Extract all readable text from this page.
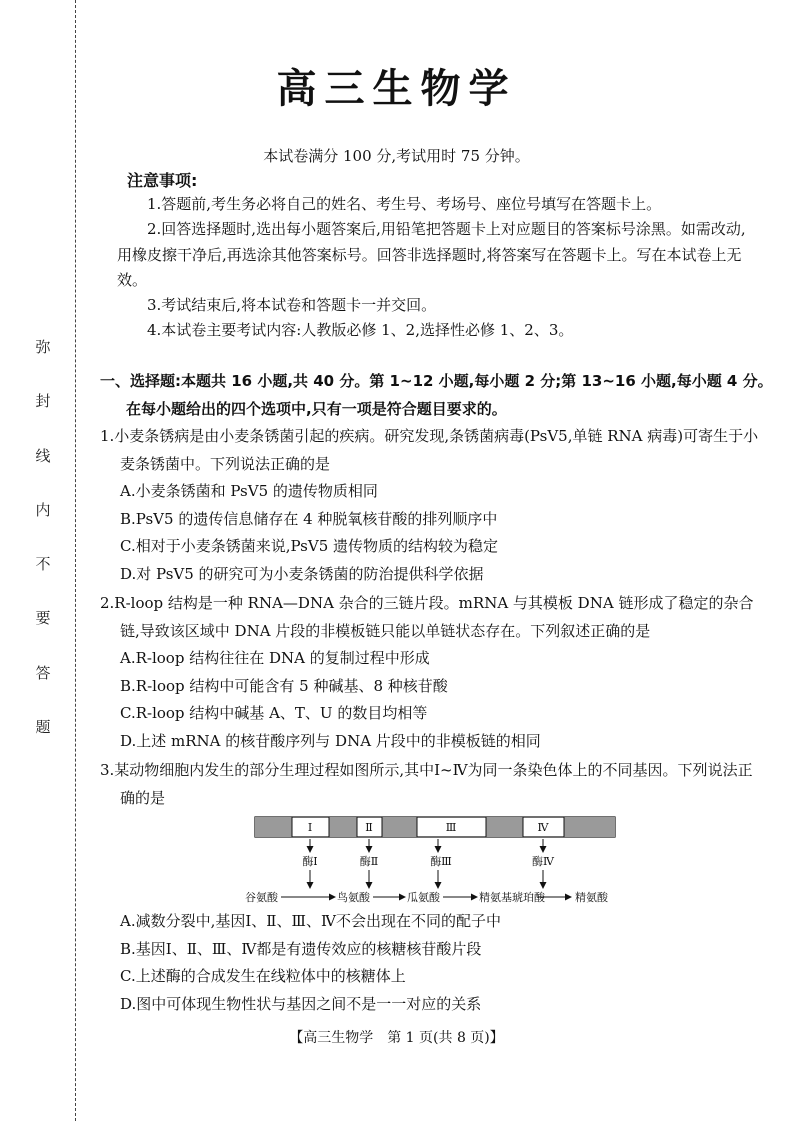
弥
封
线
内
不
要
答
题
高三生物学
本试卷满分 100 分,考试用时 75 分钟。
注意事项:

1.答题前,考生务必将自己的姓名、考生号、考场号、座位号填写在答题卡上。

2.回答选择题时,选出每小题答案后,用铅笔把答题卡上对应题目的答案标号涂黑。如需改动,用橡皮擦干净后,再选涂其他答案标号。回答非选择题时,将答案写在答题卡上。写在本试卷上无效。

3.考试结束后,将本试卷和答题卡一并交回。

4.本试卷主要考试内容:人教版必修 1、2,选择性必修 1、2、3。

一、选择题:本题共 16 小题,共 40 分。第 1~12 小题,每小题 2 分;第 13~16 小题,每小题 4 分。在每小题给出的四个选项中,只有一项是符合题目要求的。

1.小麦条锈病是由小麦条锈菌引起的疾病。研究发现,条锈菌病毒(PsV5,单链 RNA 病毒)可寄生于小麦条锈菌中。下列说法正确的是

A.小麦条锈菌和 PsV5 的遗传物质相同

B.PsV5 的遗传信息储存在 4 种脱氧核苷酸的排列顺序中

C.相对于小麦条锈菌来说,PsV5 遗传物质的结构较为稳定

D.对 PsV5 的研究可为小麦条锈菌的防治提供科学依据

2.R-loop 结构是一种 RNA—DNA 杂合的三链片段。mRNA 与其模板 DNA 链形成了稳定的杂合链,导致该区域中 DNA 片段的非模板链只能以单链状态存在。下列叙述正确的是

A.R-loop 结构往往在 DNA 的复制过程中形成

B.R-loop 结构中可能含有 5 种碱基、8 种核苷酸

C.R-loop 结构中碱基 A、T、U 的数目均相等

D.上述 mRNA 的核苷酸序列与 DNA 片段中的非模板链的相同

3.某动物细胞内发生的部分生理过程如图所示,其中Ⅰ~Ⅳ为同一条染色体上的不同基因。下列说法正确的是

Ⅰ	Ⅱ	Ⅲ	Ⅳ
酶Ⅰ	酶Ⅱ	酶Ⅲ	酶Ⅳ
谷氨酸	鸟氨酸	瓜氨酸	精氨基琥珀酸	精氨酸

A.减数分裂中,基因Ⅰ、Ⅱ、Ⅲ、Ⅳ不会出现在不同的配子中

B.基因Ⅰ、Ⅱ、Ⅲ、Ⅳ都是有遗传效应的核糖核苷酸片段

C.上述酶的合成发生在线粒体中的核糖体上

D.图中可体现生物性状与基因之间不是一一对应的关系

【高三生物学　第 1 页(共 8 页)】
